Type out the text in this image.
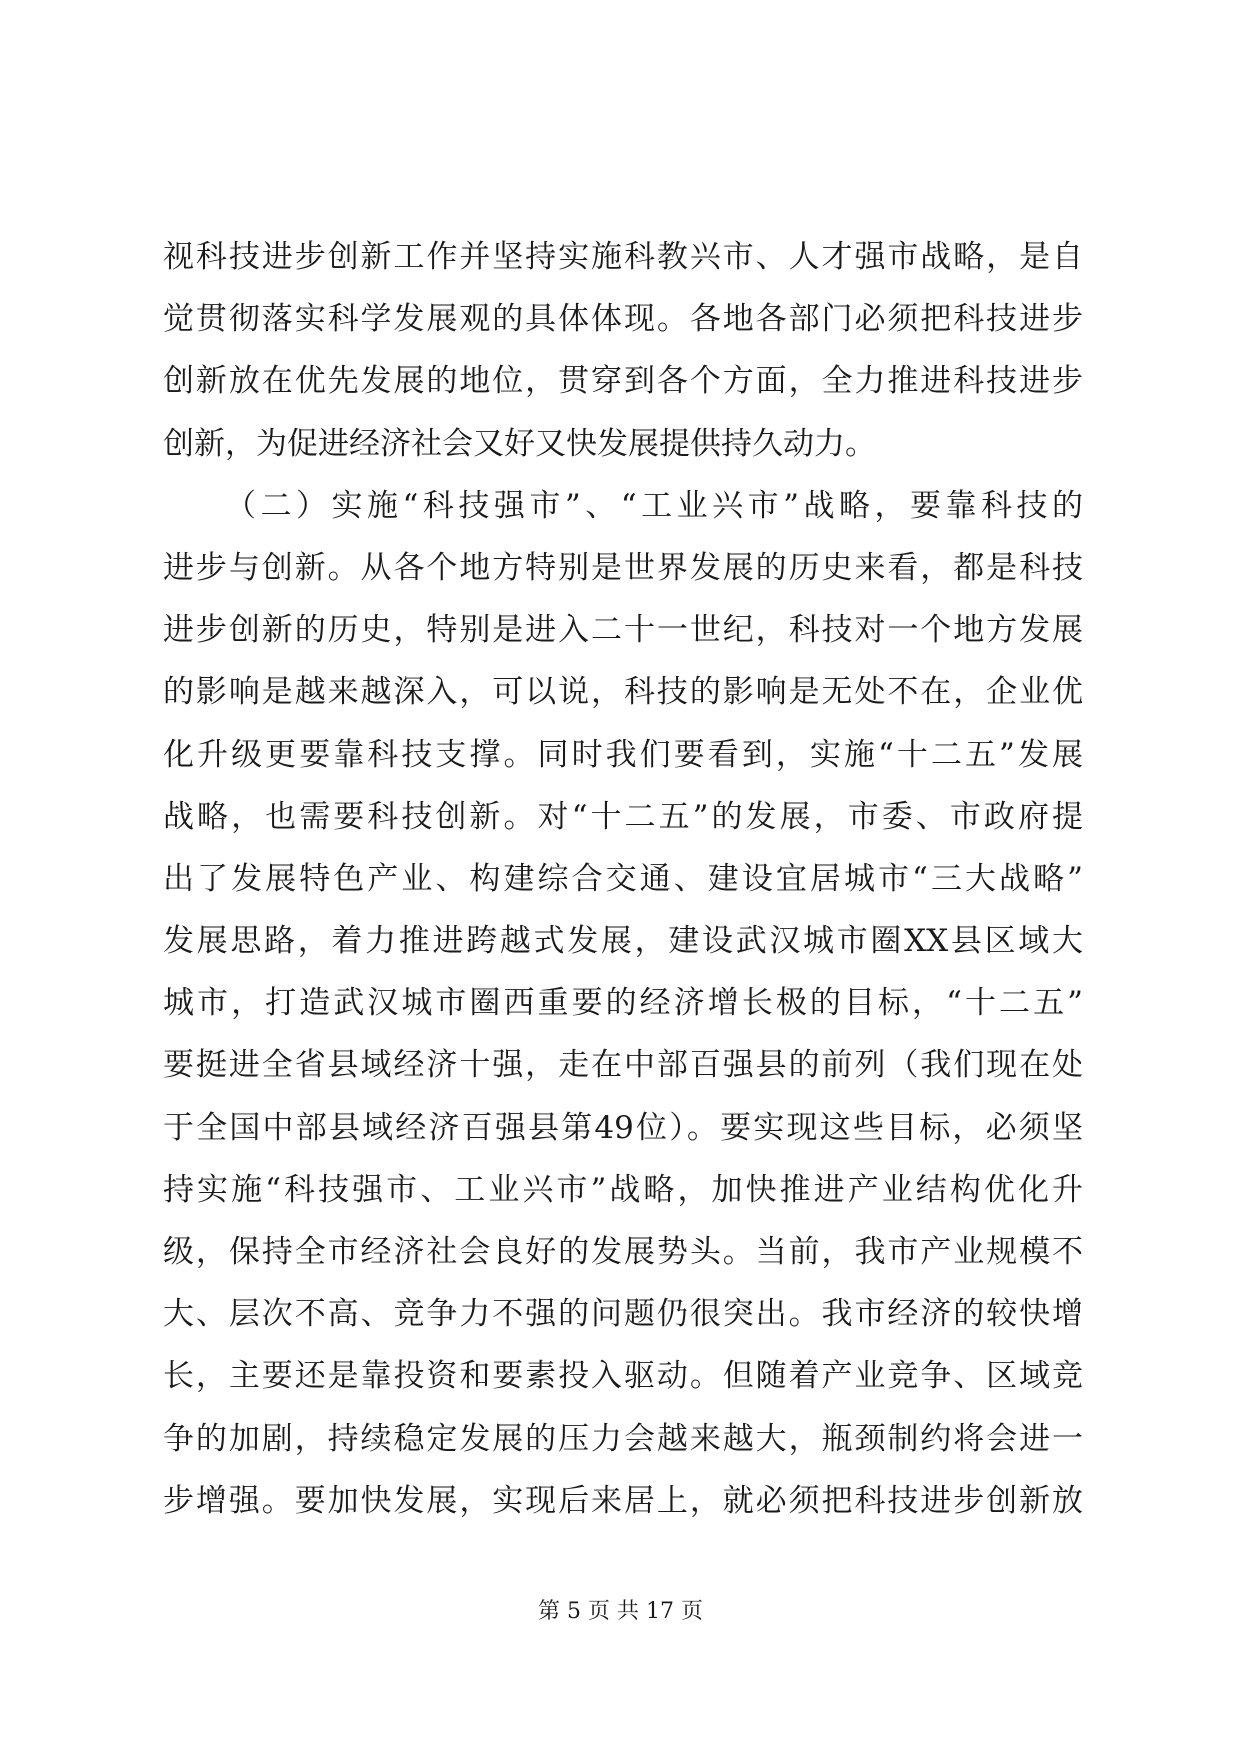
视科技进步创新工作并坚持实施科教兴市、人才强市战略，是自
觉贯彻落实科学发展观的具体体现。各地各部门必须把科技进步
创新放在优先发展的地位，贯穿到各个方面，全力推进科技进步
创新，为促进经济社会又好又快发展提供持久动力。
（二）实施“科技强市”、“工业兴市”战略，要靠科技的
进步与创新。从各个地方特别是世界发展的历史来看，都是科技
进步创新的历史，特别是进入二十一世纪，科技对一个地方发展
的影响是越来越深入，可以说，科技的影响是无处不在，企业优
化升级更要靠科技支撑。同时我们要看到，实施“十二五”发展
战略，也需要科技创新。对“十二五”的发展，市委、市政府提
出了发展特色产业、构建综合交通、建设宜居城市“三大战略”
发展思路，着力推进跨越式发展，建设武汉城市圈XX县区域大
城市，打造武汉城市圈西重要的经济增长极的目标，“十二五”
要挺进全省县域经济十强，走在中部百强县的前列（我们现在处
于全国中部县域经济百强县第49位）。要实现这些目标，必须坚
持实施“科技强市、工业兴市”战略，加快推进产业结构优化升
级，保持全市经济社会良好的发展势头。当前，我市产业规模不
大、层次不高、竞争力不强的问题仍很突出。我市经济的较快增
长，主要还是靠投资和要素投入驱动。但随着产业竞争、区域竞
争的加剧，持续稳定发展的压力会越来越大，瓶颈制约将会进一
步增强。要加快发展，实现后来居上，就必须把科技进步创新放
第 5 页 共 17 页
